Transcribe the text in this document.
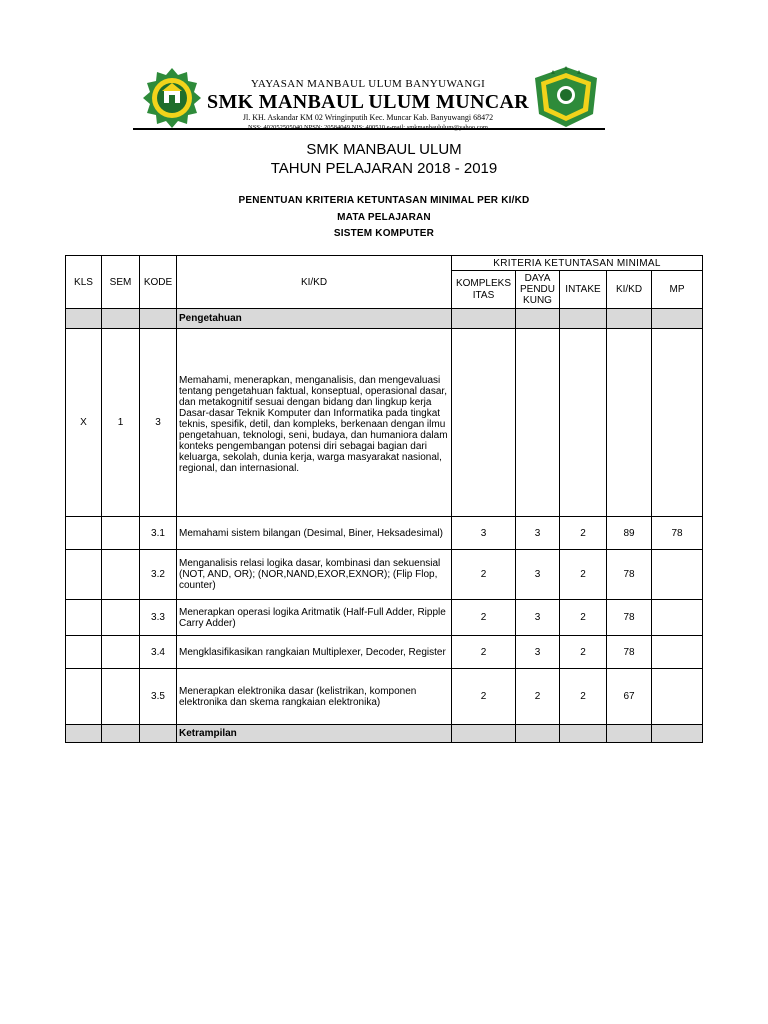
YAYASAN MANBAUL ULUM BANYUWANGI
SMK MANBAUL ULUM MUNCAR
Jl. KH. Askandar KM 02 Wringinputih Kec. Muncar Kab. Banyuwangi 68472
NSS: 402052505040 NPSN: 20584049 NIS: 400510 e-mail: smkmanbaululum@yahoo.com
SMK MANBAUL ULUM
TAHUN PELAJARAN 2018 - 2019
PENENTUAN KRITERIA KETUNTASAN MINIMAL PER KI/KD
MATA PELAJARAN
SISTEM KOMPUTER
KLS	SEM	KODE	KI/KD	KRITERIA KETUNTASAN MINIMAL				
				KOMPLEKS ITAS	DAYA PENDU KUNG	INTAKE	KI/KD	MP
			Pengetahuan					
X	1	3	Memahami, menerapkan, menganalisis, dan mengevaluasi tentang pengetahuan faktual, konseptual, operasional dasar, dan metakognitif sesuai dengan bidang dan lingkup kerja Dasar-dasar Teknik Komputer dan Informatika pada tingkat teknis, spesifik, detil, dan kompleks, berkenaan dengan ilmu pengetahuan, teknologi, seni, budaya, dan humaniora dalam konteks pengembangan potensi diri sebagai bagian dari keluarga, sekolah, dunia kerja, warga masyarakat nasional, regional, dan internasional.					
		3.1	Memahami sistem bilangan (Desimal, Biner, Heksadesimal)	3	3	2	89	78
		3.2	Menganalisis relasi logika dasar, kombinasi dan sekuensial (NOT, AND, OR); (NOR,NAND,EXOR,EXNOR); (Flip Flop, counter)	2	3	2	78	
		3.3	Menerapkan operasi logika Aritmatik (Half-Full Adder, Ripple Carry Adder)	2	3	2	78	
		3.4	Mengklasifikasikan rangkaian Multiplexer, Decoder, Register	2	3	2	78	
		3.5	Menerapkan elektronika dasar (kelistrikan, komponen elektronika dan skema rangkaian elektronika)	2	2	2	67	
			Ketrampilan					
